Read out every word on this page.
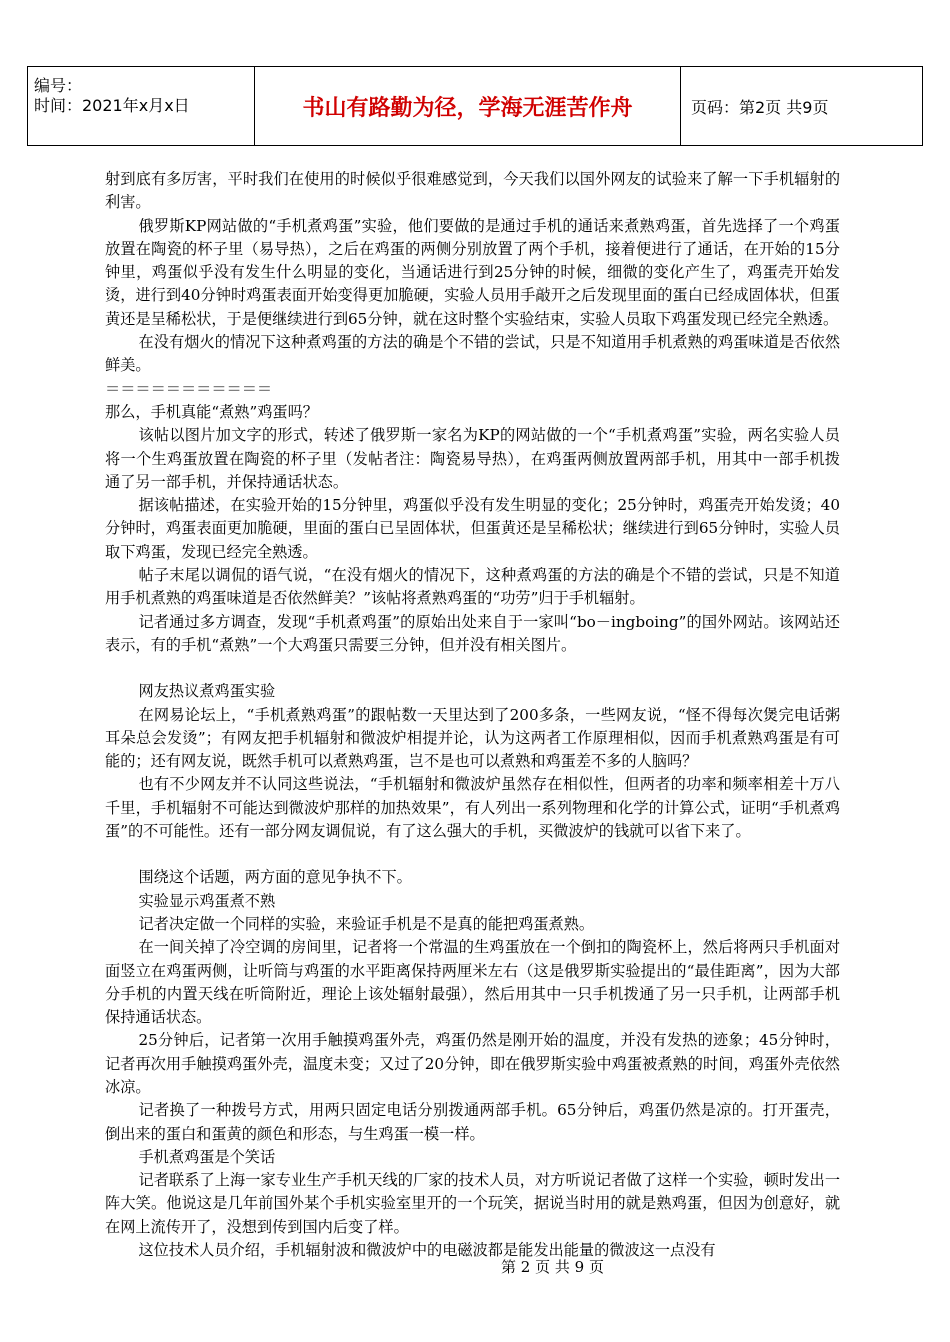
编号：
时间：2021年x月x日	书山有路勤为径，学海无涯苦作舟	页码：第2页 共9页

射到底有多厉害，平时我们在使用的时候似乎很难感觉到，今天我们以国外网友的试验来了解一下手机辐射的利害。

俄罗斯KP网站做的“手机煮鸡蛋”实验，他们要做的是通过手机的通话来煮熟鸡蛋，首先选择了一个鸡蛋放置在陶瓷的杯子里（易导热），之后在鸡蛋的两侧分别放置了两个手机，接着便进行了通话，在开始的15分钟里，鸡蛋似乎没有发生什么明显的变化，当通话进行到25分钟的时候，细微的变化产生了，鸡蛋壳开始发烫，进行到40分钟时鸡蛋表面开始变得更加脆硬，实验人员用手敲开之后发现里面的蛋白已经成固体状，但蛋黄还是呈稀松状，于是便继续进行到65分钟，就在这时整个实验结束，实验人员取下鸡蛋发现已经完全熟透。

在没有烟火的情况下这种煮鸡蛋的方法的确是个不错的尝试，只是不知道用手机煮熟的鸡蛋味道是否依然鲜美。

＝＝＝＝＝＝＝＝＝＝＝

那么，手机真能“煮熟”鸡蛋吗？

该帖以图片加文字的形式，转述了俄罗斯一家名为KP的网站做的一个“手机煮鸡蛋”实验，两名实验人员将一个生鸡蛋放置在陶瓷的杯子里（发帖者注：陶瓷易导热），在鸡蛋两侧放置两部手机，用其中一部手机拨通了另一部手机，并保持通话状态。

据该帖描述，在实验开始的15分钟里，鸡蛋似乎没有发生明显的变化；25分钟时，鸡蛋壳开始发烫；40分钟时，鸡蛋表面更加脆硬，里面的蛋白已呈固体状，但蛋黄还是呈稀松状；继续进行到65分钟时，实验人员取下鸡蛋，发现已经完全熟透。

帖子末尾以调侃的语气说，“在没有烟火的情况下，这种煮鸡蛋的方法的确是个不错的尝试，只是不知道用手机煮熟的鸡蛋味道是否依然鲜美？”该帖将煮熟鸡蛋的“功劳”归于手机辐射。

记者通过多方调查，发现“手机煮鸡蛋”的原始出处来自于一家叫“bo－ingboing”的国外网站。该网站还表示，有的手机“煮熟”一个大鸡蛋只需要三分钟，但并没有相关图片。

网友热议煮鸡蛋实验

在网易论坛上，“手机煮熟鸡蛋”的跟帖数一天里达到了200多条，一些网友说，“怪不得每次煲完电话粥耳朵总会发烫”；有网友把手机辐射和微波炉相提并论，认为这两者工作原理相似，因而手机煮熟鸡蛋是有可能的；还有网友说，既然手机可以煮熟鸡蛋，岂不是也可以煮熟和鸡蛋差不多的人脑吗？

也有不少网友并不认同这些说法，“手机辐射和微波炉虽然存在相似性，但两者的功率和频率相差十万八千里，手机辐射不可能达到微波炉那样的加热效果”，有人列出一系列物理和化学的计算公式，证明“手机煮鸡蛋”的不可能性。还有一部分网友调侃说，有了这么强大的手机，买微波炉的钱就可以省下来了。

围绕这个话题，两方面的意见争执不下。

实验显示鸡蛋煮不熟

记者决定做一个同样的实验，来验证手机是不是真的能把鸡蛋煮熟。

在一间关掉了冷空调的房间里，记者将一个常温的生鸡蛋放在一个倒扣的陶瓷杯上，然后将两只手机面对面竖立在鸡蛋两侧，让听筒与鸡蛋的水平距离保持两厘米左右（这是俄罗斯实验提出的“最佳距离”，因为大部分手机的内置天线在听筒附近，理论上该处辐射最强），然后用其中一只手机拨通了另一只手机，让两部手机保持通话状态。

25分钟后，记者第一次用手触摸鸡蛋外壳，鸡蛋仍然是刚开始的温度，并没有发热的迹象；45分钟时，记者再次用手触摸鸡蛋外壳，温度未变；又过了20分钟，即在俄罗斯实验中鸡蛋被煮熟的时间，鸡蛋外壳依然冰凉。

记者换了一种拨号方式，用两只固定电话分别拨通两部手机。65分钟后，鸡蛋仍然是凉的。打开蛋壳，倒出来的蛋白和蛋黄的颜色和形态，与生鸡蛋一模一样。

手机煮鸡蛋是个笑话

记者联系了上海一家专业生产手机天线的厂家的技术人员，对方听说记者做了这样一个实验，顿时发出一阵大笑。他说这是几年前国外某个手机实验室里开的一个玩笑，据说当时用的就是熟鸡蛋，但因为创意好，就在网上流传开了，没想到传到国内后变了样。

这位技术人员介绍，手机辐射波和微波炉中的电磁波都是能发出能量的微波这一点没有

第 2 页 共 9 页
